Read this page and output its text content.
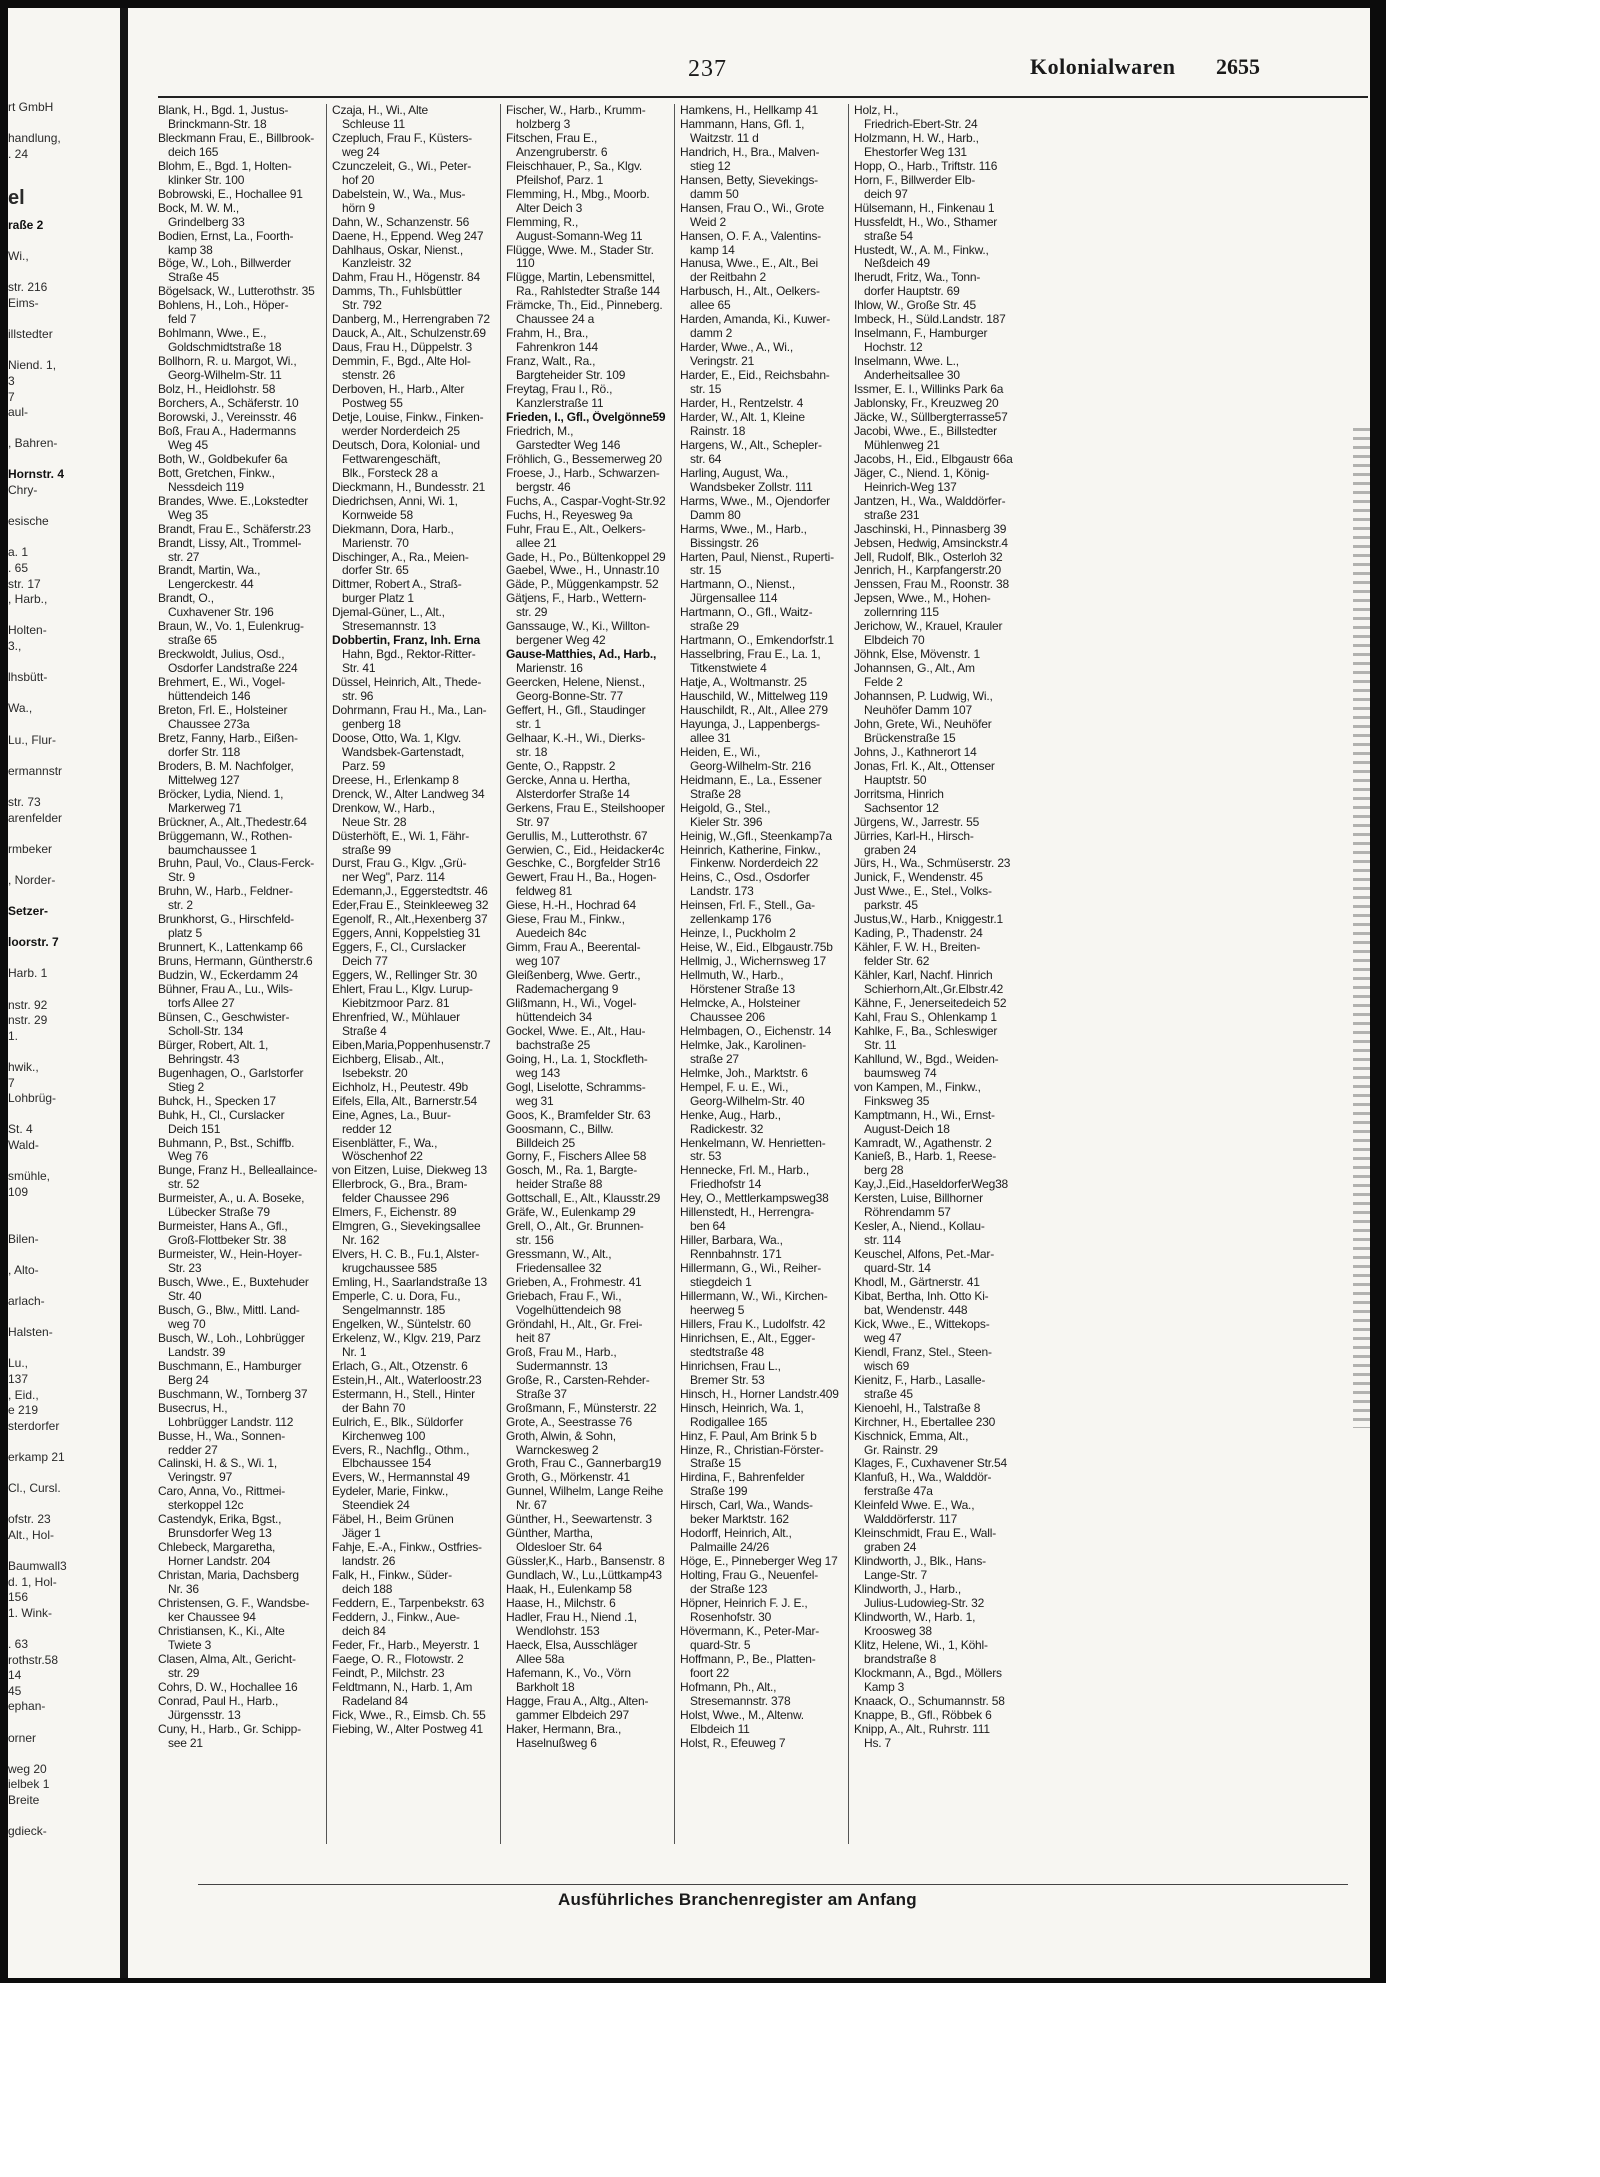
rt GmbH
handlung,
. 24
el
raße 2
Wi.,
str. 216
Eims-
illstedter
Niend. 1,
3
7
aul-
, Bahren-
Hornstr. 4
Chry-
esische
a. 1
. 65
str. 17
, Harb.,
Holten-
3.,
lhsbütt-
Wa.,
Lu., Flur-
ermannstr
str. 73
arenfelder
rmbeker
, Norder-
Setzer-
loorstr. 7
Harb. 1
nstr. 92
nstr. 29
1.
hwik.,
7
Lohbrüg-
St. 4
Wald-
smühle,
109
Bilen-
, Alto-
arlach-
Halsten-
Lu.,
137
, Eid.,
e 219
sterdorfer
erkamp 21
Cl., Cursl.
ofstr. 23
Alt., Hol-
Baumwall3
d. 1, Hol-
156
1. Wink-
. 63
rothstr.58
14
45
ephan-
orner
weg 20
ielbek 1
Breite
gdieck-
237	Kolonialwaren 2655
Blank, H., Bgd. 1, Justus-
Brinckmann-Str. 18
Bleckmann Frau, E., Billbrook-
deich 165
Blohm, E., Bgd. 1, Holten-
klinker Str. 100
Bobrowski, E., Hochallee 91
Bock, M. W. M.,
Grindelberg 33
Bodien, Ernst, La., Foorth-
kamp 38
Böge, W., Loh., Billwerder
Straße 45
Bögelsack, W., Lutterothstr. 35
Bohlens, H., Loh., Höper-
feld 7
Bohlmann, Wwe., E.,
Goldschmidtstraße 18
Bollhorn, R. u. Margot, Wi.,
Georg-Wilhelm-Str. 11
Bolz, H., Heidlohstr. 58
Borchers, A., Schäferstr. 10
Borowski, J., Vereinsstr. 46
Boß, Frau A., Hadermanns
Weg 45
Both, W., Goldbekufer 6a
Bott, Gretchen, Finkw.,
Nessdeich 119
Brandes, Wwe. E.,Lokstedter
Weg 35
Brandt, Frau E., Schäferstr.23
Brandt, Lissy, Alt., Trommel-
str. 27
Brandt, Martin, Wa.,
Lengerckestr. 44
Brandt, O.,
Cuxhavener Str. 196
Braun, W., Vo. 1, Eulenkrug-
straße 65
Breckwoldt, Julius, Osd.,
Osdorfer Landstraße 224
Brehmert, E., Wi., Vogel-
hüttendeich 146
Breton, Frl. E., Holsteiner
Chaussee 273a
Bretz, Fanny, Harb., Eißen-
dorfer Str. 118
Broders, B. M. Nachfolger,
Mittelweg 127
Bröcker, Lydia, Niend. 1,
Markerweg 71
Brückner, A., Alt.,Thedestr.64
Brüggemann, W., Rothen-
baumchaussee 1
Bruhn, Paul, Vo., Claus-Ferck-
Str. 9
Bruhn, W., Harb., Feldner-
str. 2
Brunkhorst, G., Hirschfeld-
platz 5
Brunnert, K., Lattenkamp 66
Bruns, Hermann, Güntherstr.6
Budzin, W., Eckerdamm 24
Bühner, Frau A., Lu., Wils-
torfs Allee 27
Bünsen, C., Geschwister-
Scholl-Str. 134
Bürger, Robert, Alt. 1,
Behringstr. 43
Bugenhagen, O., Garlstorfer
Stieg 2
Buhck, H., Specken 17
Buhk, H., Cl., Curslacker
Deich 151
Buhmann, P., Bst., Schiffb.
Weg 76
Bunge, Franz H., Belleallaince-
str. 52
Burmeister, A., u. A. Boseke,
Lübecker Straße 79
Burmeister, Hans A., Gfl.,
Groß-Flottbeker Str. 38
Burmeister, W., Hein-Hoyer-
Str. 23
Busch, Wwe., E., Buxtehuder
Str. 40
Busch, G., Blw., Mittl. Land-
weg 70
Busch, W., Loh., Lohbrügger
Landstr. 39
Buschmann, E., Hamburger
Berg 24
Buschmann, W., Tornberg 37
Busecrus, H.,
Lohbrügger Landstr. 112
Busse, H., Wa., Sonnen-
redder 27
Calinski, H. & S., Wi. 1,
Veringstr. 97
Caro, Anna, Vo., Rittmei-
sterkoppel 12c
Castendyk, Erika, Bgst.,
Brunsdorfer Weg 13
Chlebeck, Margaretha,
Horner Landstr. 204
Christan, Maria, Dachsberg
Nr. 36
Christensen, G. F., Wandsbe-
ker Chaussee 94
Christiansen, K., Ki., Alte
Twiete 3
Clasen, Alma, Alt., Gericht-
str. 29
Cohrs, D. W., Hochallee 16
Conrad, Paul H., Harb.,
Jürgensstr. 13
Cuny, H., Harb., Gr. Schipp-
see 21
Czaja, H., Wi., Alte
Schleuse 11
Czepluch, Frau F., Küsters-
weg 24
Czunczeleit, G., Wi., Peter-
hof 20
Dabelstein, W., Wa., Mus-
hörn 9
Dahn, W., Schanzenstr. 56
Daene, H., Eppend. Weg 247
Dahlhaus, Oskar, Nienst.,
Kanzleistr. 32
Dahm, Frau H., Högenstr. 84
Damms, Th., Fuhlsbüttler
Str. 792
Danberg, M., Herrengraben 72
Dauck, A., Alt., Schulzenstr.69
Daus, Frau H., Düppelstr. 3
Demmin, F., Bgd., Alte Hol-
stenstr. 26
Derboven, H., Harb., Alter
Postweg 55
Detje, Louise, Finkw., Finken-
werder Norderdeich 25
Deutsch, Dora, Kolonial- und
Fettwarengeschäft,
Blk., Forsteck 28 a
Dieckmann, H., Bundesstr. 21
Diedrichsen, Anni, Wi. 1,
Kornweide 58
Diekmann, Dora, Harb.,
Marienstr. 70
Dischinger, A., Ra., Meien-
dorfer Str. 65
Dittmer, Robert A., Straß-
burger Platz 1
Djemal-Güner, L., Alt.,
Stresemannstr. 13
Dobbertin, Franz, Inh. Erna
Hahn, Bgd., Rektor-Ritter-
Str. 41
Düssel, Heinrich, Alt., Thede-
str. 96
Dohrmann, Frau H., Ma., Lan-
genberg 18
Doose, Otto, Wa. 1, Klgv.
Wandsbek-Gartenstadt,
Parz. 59
Dreese, H., Erlenkamp 8
Drenck, W., Alter Landweg 34
Drenkow, W., Harb.,
Neue Str. 28
Düsterhöft, E., Wi. 1, Fähr-
straße 99
Durst, Frau G., Klgv. „Grü-
ner Weg", Parz. 114
Edemann,J., Eggerstedtstr. 46
Eder,Frau E., Steinkleeweg 32
Egenolf, R., Alt.,Hexenberg 37
Eggers, Anni, Koppelstieg 31
Eggers, F., Cl., Curslacker
Deich 77
Eggers, W., Rellinger Str. 30
Ehlert, Frau L., Klgv. Lurup-
Kiebitzmoor Parz. 81
Ehrenfried, W., Mühlauer
Straße 4
Eiben,Maria,Poppenhusenstr.7
Eichberg, Elisab., Alt.,
Isebekstr. 20
Eichholz, H., Peutestr. 49b
Eifels, Ella, Alt., Barnerstr.54
Eine, Agnes, La., Buur-
redder 12
Eisenblätter, F., Wa.,
Wöschenhof 22
von Eitzen, Luise, Diekweg 13
Ellerbrock, G., Bra., Bram-
felder Chaussee 296
Elmers, F., Eichenstr. 89
Elmgren, G., Sievekingsallee
Nr. 162
Elvers, H. C. B., Fu.1, Alster-
krugchaussee 585
Emling, H., Saarlandstraße 13
Emperle, C. u. Dora, Fu.,
Sengelmannstr. 185
Engelken, W., Süntelstr. 60
Erkelenz, W., Klgv. 219, Parz
Nr. 1
Erlach, G., Alt., Otzenstr. 6
Estein,H., Alt., Waterloostr.23
Estermann, H., Stell., Hinter
der Bahn 70
Eulrich, E., Blk., Süldorfer
Kirchenweg 100
Evers, R., Nachflg., Othm.,
Elbchaussee 154
Evers, W., Hermannstal 49
Eydeler, Marie, Finkw.,
Steendiek 24
Fäbel, H., Beim Grünen
Jäger 1
Fahje, E.-A., Finkw., Ostfries-
landstr. 26
Falk, H., Finkw., Süder-
deich 188
Feddern, E., Tarpenbekstr. 63
Feddern, J., Finkw., Aue-
deich 84
Feder, Fr., Harb., Meyerstr. 1
Faege, O. R., Flotowstr. 2
Feindt, P., Milchstr. 23
Feldtmann, N., Harb. 1, Am
Radeland 84
Fick, Wwe., R., Eimsb. Ch. 55
Fiebing, W., Alter Postweg 41
Fischer, W., Harb., Krumm-
holzberg 3
Fitschen, Frau E.,
Anzengruberstr. 6
Fleischhauer, P., Sa., Klgv.
Pfeilshof, Parz. 1
Flemming, H., Mbg., Moorb.
Alter Deich 3
Flemming, R.,
August-Somann-Weg 11
Flügge, Wwe. M., Stader Str.
110
Flügge, Martin, Lebensmittel,
Ra., Rahlstedter Straße 144
Främcke, Th., Eid., Pinneberg.
Chaussee 24 a
Frahm, H., Bra.,
Fahrenkron 144
Franz, Walt., Ra.,
Bargteheider Str. 109
Freytag, Frau I., Rö.,
Kanzlerstraße 11
Frieden, I., Gfl., Övelgönne59
Friedrich, M.,
Garstedter Weg 146
Fröhlich, G., Bessemerweg 20
Froese, J., Harb., Schwarzen-
bergstr. 46
Fuchs, A., Caspar-Voght-Str.92
Fuchs, H., Reyesweg 9a
Fuhr, Frau E., Alt., Oelkers-
allee 21
Gade, H., Po., Bültenkoppel 29
Gaebel, Wwe., H., Unnastr.10
Gäde, P., Müggenkampstr. 52
Gätjens, F., Harb., Wettern-
str. 29
Ganssauge, W., Ki., Willton-
bergener Weg 42
Gause-Matthies, Ad., Harb.,
Marienstr. 16
Geercken, Helene, Nienst.,
Georg-Bonne-Str. 77
Geffert, H., Gfl., Staudinger
str. 1
Gelhaar, K.-H., Wi., Dierks-
str. 18
Gente, O., Rappstr. 2
Gercke, Anna u. Hertha,
Alsterdorfer Straße 14
Gerkens, Frau E., Steilshooper
Str. 97
Gerullis, M., Lutterothstr. 67
Gerwien, C., Eid., Heidacker4c
Geschke, C., Borgfelder Str16
Gewert, Frau H., Ba., Hogen-
feldweg 81
Giese, H.-H., Hochrad 64
Giese, Frau M., Finkw.,
Auedeich 84c
Gimm, Frau A., Beerental-
weg 107
Gleißenberg, Wwe. Gertr.,
Rademachergang 9
Glißmann, H., Wi., Vogel-
hüttendeich 34
Gockel, Wwe. E., Alt., Hau-
bachstraße 25
Going, H., La. 1, Stockfleth-
weg 143
Gogl, Liselotte, Schramms-
weg 31
Goos, K., Bramfelder Str. 63
Goosmann, C., Billw.
Billdeich 25
Gorny, F., Fischers Allee 58
Gosch, M., Ra. 1, Bargte-
heider Straße 88
Gottschall, E., Alt., Klausstr.29
Gräfe, W., Eulenkamp 29
Grell, O., Alt., Gr. Brunnen-
str. 156
Gressmann, W., Alt.,
Friedensallee 32
Grieben, A., Frohmestr. 41
Griebach, Frau F., Wi.,
Vogelhüttendeich 98
Gröndahl, H., Alt., Gr. Frei-
heit 87
Groß, Frau M., Harb.,
Sudermannstr. 13
Große, R., Carsten-Rehder-
Straße 37
Großmann, F., Münsterstr. 22
Grote, A., Seestrasse 76
Groth, Alwin, & Sohn,
Warnckesweg 2
Groth, Frau C., Gannerbarg19
Groth, G., Mörkenstr. 41
Gunnel, Wilhelm, Lange Reihe
Nr. 67
Günther, H., Seewartenstr. 3
Günther, Martha,
Oldesloer Str. 64
Güssler,K., Harb., Bansenstr. 8
Gundlach, W., Lu.,Lüttkamp43
Haak, H., Eulenkamp 58
Haase, H., Milchstr. 6
Hadler, Frau H., Niend .1,
Wendlohstr. 153
Haeck, Elsa, Ausschläger
Allee 58a
Hafemann, K., Vo., Vörn
Barkholt 18
Hagge, Frau A., Altg., Alten-
gammer Elbdeich 297
Haker, Hermann, Bra.,
Haselnußweg 6
Hamkens, H., Hellkamp 41
Hammann, Hans, Gfl. 1,
Waitzstr. 11 d
Handrich, H., Bra., Malven-
stieg 12
Hansen, Betty, Sievekings-
damm 50
Hansen, Frau O., Wi., Grote
Weid 2
Hansen, O. F. A., Valentins-
kamp 14
Hanusa, Wwe., E., Alt., Bei
der Reitbahn 2
Harbusch, H., Alt., Oelkers-
allee 65
Harden, Amanda, Ki., Kuwer-
damm 2
Harder, Wwe., A., Wi.,
Veringstr. 21
Harder, E., Eid., Reichsbahn-
str. 15
Harder, H., Rentzelstr. 4
Harder, W., Alt. 1, Kleine
Rainstr. 18
Hargens, W., Alt., Schepler-
str. 64
Harling, August, Wa.,
Wandsbeker Zollstr. 111
Harms, Wwe., M., Ojendorfer
Damm 80
Harms, Wwe., M., Harb.,
Bissingstr. 26
Harten, Paul, Nienst., Ruperti-
str. 15
Hartmann, O., Nienst.,
Jürgensallee 114
Hartmann, O., Gfl., Waitz-
straße 29
Hartmann, O., Emkendorfstr.1
Hasselbring, Frau E., La. 1,
Titkenstwiete 4
Hatje, A., Woltmanstr. 25
Hauschild, W., Mittelweg 119
Hauschildt, R., Alt., Allee 279
Hayunga, J., Lappenbergs-
allee 31
Heiden, E., Wi.,
Georg-Wilhelm-Str. 216
Heidmann, E., La., Essener
Straße 28
Heigold, G., Stel.,
Kieler Str. 396
Heinig, W.,Gfl., Steenkamp7a
Heinrich, Katherine, Finkw.,
Finkenw. Norderdeich 22
Heins, C., Osd., Osdorfer
Landstr. 173
Heinsen, Frl. F., Stell., Ga-
zellenkamp 176
Heinze, I., Puckholm 2
Heise, W., Eid., Elbgaustr.75b
Hellmig, J., Wichernsweg 17
Hellmuth, W., Harb.,
Hörstener Straße 13
Helmcke, A., Holsteiner
Chaussee 206
Helmbagen, O., Eichenstr. 14
Helmke, Jak., Karolinen-
straße 27
Helmke, Joh., Marktstr. 6
Hempel, F. u. E., Wi.,
Georg-Wilhelm-Str. 40
Henke, Aug., Harb.,
Radickestr. 32
Henkelmann, W. Henrietten-
str. 53
Hennecke, Frl. M., Harb.,
Friedhofstr 14
Hey, O., Mettlerkampsweg38
Hillenstedt, H., Herrengra-
ben 64
Hiller, Barbara, Wa.,
Rennbahnstr. 171
Hillermann, G., Wi., Reiher-
stiegdeich 1
Hillermann, W., Wi., Kirchen-
heerweg 5
Hillers, Frau K., Ludolfstr. 42
Hinrichsen, E., Alt., Egger-
stedtstraße 48
Hinrichsen, Frau L.,
Bremer Str. 53
Hinsch, H., Horner Landstr.409
Hinsch, Heinrich, Wa. 1,
Rodigallee 165
Hinz, F. Paul, Am Brink 5 b
Hinze, R., Christian-Förster-
Straße 15
Hirdina, F., Bahrenfelder
Straße 199
Hirsch, Carl, Wa., Wands-
beker Marktstr. 162
Hodorff, Heinrich, Alt.,
Palmaille 24/26
Höge, E., Pinneberger Weg 17
Holting, Frau G., Neuenfel-
der Straße 123
Höpner, Heinrich F. J. E.,
Rosenhofstr. 30
Hövermann, K., Peter-Mar-
quard-Str. 5
Hoffmann, P., Be., Platten-
foort 22
Hofmann, Ph., Alt.,
Stresemannstr. 378
Holst, Wwe., M., Altenw.
Elbdeich 11
Holst, R., Efeuweg 7
Holz, H.,
Friedrich-Ebert-Str. 24
Holzmann, H. W., Harb.,
Ehestorfer Weg 131
Hopp, O., Harb., Triftstr. 116
Horn, F., Billwerder Elb-
deich 97
Hülsemann, H., Finkenau 1
Hussfeldt, H., Wo., Sthamer
straße 54
Hustedt, W., A. M., Finkw.,
Neßdeich 49
Iherudt, Fritz, Wa., Tonn-
dorfer Hauptstr. 69
Ihlow, W., Große Str. 45
Imbeck, H., Süld.Landstr. 187
Inselmann, F., Hamburger
Hochstr. 12
Inselmann, Wwe. L.,
Anderheitsallee 30
Issmer, E. I., Willinks Park 6a
Jablonsky, Fr., Kreuzweg 20
Jäcke, W., Süllbergterrasse57
Jacobi, Wwe., E., Billstedter
Mühlenweg 21
Jacobs, H., Eid., Elbgaustr 66a
Jäger, C., Niend. 1, König-
Heinrich-Weg 137
Jantzen, H., Wa., Walddörfer-
straße 231
Jaschinski, H., Pinnasberg 39
Jebsen, Hedwig, Amsinckstr.4
Jell, Rudolf, Blk., Osterloh 32
Jenrich, H., Karpfangerstr.20
Jenssen, Frau M., Roonstr. 38
Jepsen, Wwe., M., Hohen-
zollernring 115
Jerichow, W., Krauel, Krauler
Elbdeich 70
Jöhnk, Else, Mövenstr. 1
Johannsen, G., Alt., Am
Felde 2
Johannsen, P. Ludwig, Wi.,
Neuhöfer Damm 107
John, Grete, Wi., Neuhöfer
Brückenstraße 15
Johns, J., Kathnerort 14
Jonas, Frl. K., Alt., Ottenser
Hauptstr. 50
Jorritsma, Hinrich
Sachsentor 12
Jürgens, W., Jarrestr. 55
Jürries, Karl-H., Hirsch-
graben 24
Jürs, H., Wa., Schmüserstr. 23
Junick, F., Wendenstr. 45
Just Wwe., E., Stel., Volks-
parkstr. 45
Justus,W., Harb., Kniggestr.1
Kading, P., Thadenstr. 24
Kähler, F. W. H., Breiten-
felder Str. 62
Kähler, Karl, Nachf. Hinrich
Schierhorn,Alt.,Gr.Elbstr.42
Kähne, F., Jenerseitedeich 52
Kahl, Frau S., Ohlenkamp 1
Kahlke, F., Ba., Schleswiger
Str. 11
Kahllund, W., Bgd., Weiden-
baumsweg 74
von Kampen, M., Finkw.,
Finksweg 35
Kamptmann, H., Wi., Ernst-
August-Deich 18
Kamradt, W., Agathenstr. 2
Kanieß, B., Harb. 1, Reese-
berg 28
Kay,J.,Eid.,HaseldorferWeg38
Kersten, Luise, Billhorner
Röhrendamm 57
Kesler, A., Niend., Kollau-
str. 114
Keuschel, Alfons, Pet.-Mar-
quard-Str. 14
Khodl, M., Gärtnerstr. 41
Kibat, Bertha, Inh. Otto Ki-
bat, Wendenstr. 448
Kick, Wwe., E., Wittekops-
weg 47
Kiendl, Franz, Stel., Steen-
wisch 69
Kienitz, F., Harb., Lasalle-
straße 45
Kienoehl, H., Talstraße 8
Kirchner, H., Ebertallee 230
Kischnick, Emma, Alt.,
Gr. Rainstr. 29
Klages, F., Cuxhavener Str.54
Klanfuß, H., Wa., Walddör-
ferstraße 47a
Kleinfeld Wwe. E., Wa.,
Walddörferstr. 117
Kleinschmidt, Frau E., Wall-
graben 24
Klindworth, J., Blk., Hans-
Lange-Str. 7
Klindworth, J., Harb.,
Julius-Ludowieg-Str. 32
Klindworth, W., Harb. 1,
Kroosweg 38
Klitz, Helene, Wi., 1, Köhl-
brandstraße 8
Klockmann, A., Bgd., Möllers
Kamp 3
Knaack, O., Schumannstr. 58
Knappe, B., Gfl., Röbbek 6
Knipp, A., Alt., Ruhrstr. 111
Hs. 7
Ausführliches Branchenregister am Anfang
